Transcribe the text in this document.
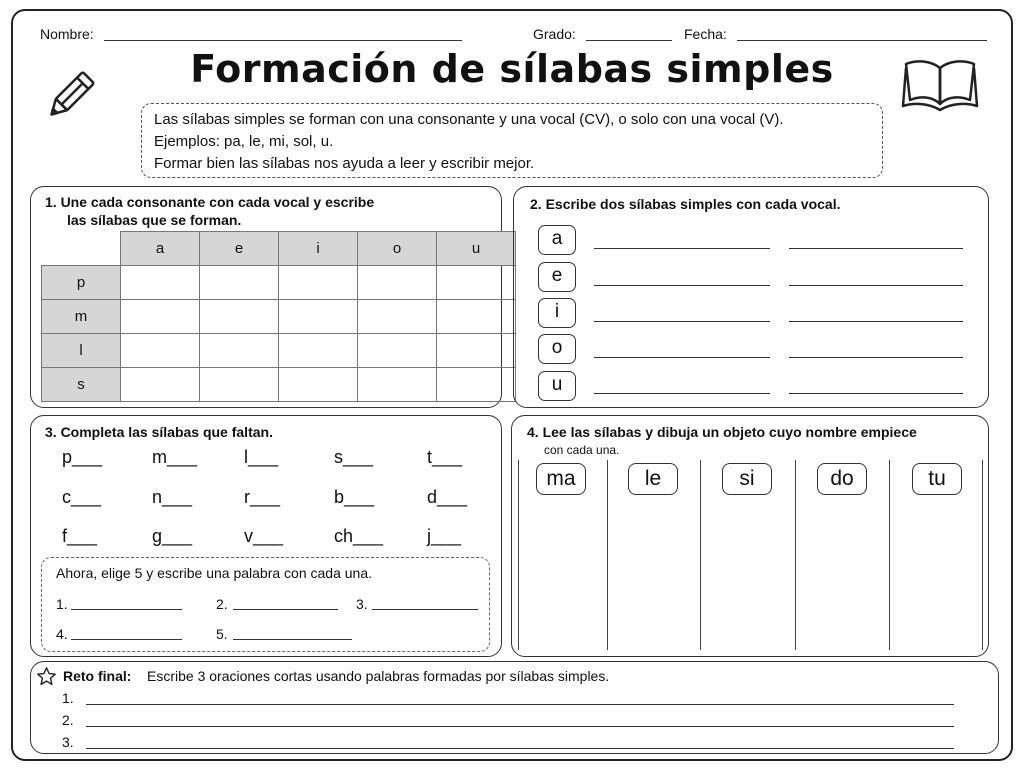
Nombre:	Grado:	Fecha:
Formación de sílabas simples
Las sílabas simples se forman con una consonante y una vocal (CV), o solo con una vocal (V).
Ejemplos: pa, le, mi, sol, u.
Formar bien las sílabas nos ayuda a leer y escribir mejor.
1. Une cada consonante con cada vocal y escribe
las sílabas que se forman.
	a	e	i	o	u
p					
m					
l					
s					
2. Escribe dos sílabas simples con cada vocal.
a
e
i
o
u
3. Completa las sílabas que faltan.
p___	m___	l___	s___	t___
c___	n___	r___	b___	d___
f___	g___	v___	ch___ j___
Ahora, elige 5 y escribe una palabra con cada una.
1.	2.	3.
4.	5.
4. Lee las sílabas y dibuja un objeto cuyo nombre empiece
con cada una.
ma	le	si	do	tu
Reto final: Escribe 3 oraciones cortas usando palabras formadas por sílabas simples.
1.
2.
3.
